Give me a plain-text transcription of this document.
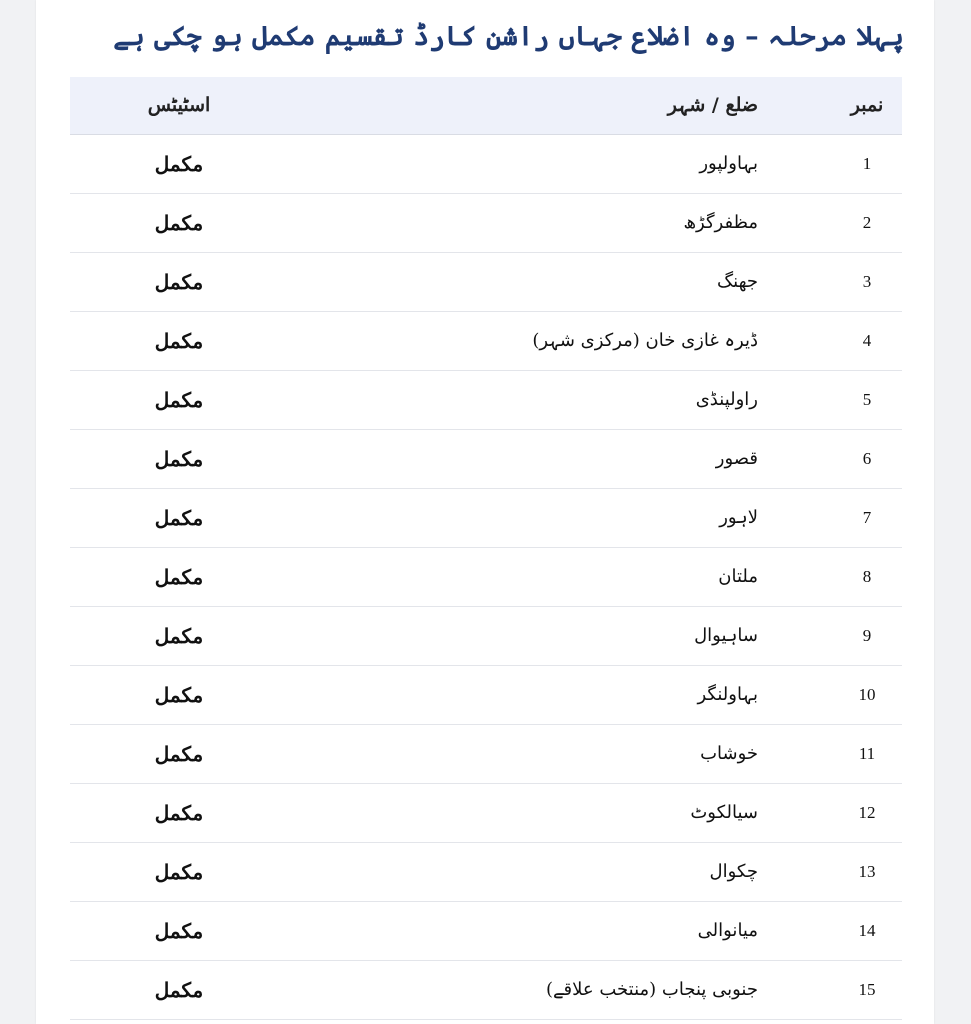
پہلا مرحلہ – وہ اضلاع جہاں راشن کارڈ تقسیم مکمل ہو چکی ہے
نمبر	ضلع / شہر	اسٹیٹس
1	بہاولپور	مکمل
2	مظفرگڑھ	مکمل
3	جھنگ	مکمل
4	ڈیرہ غازی خان (مرکزی شہر)	مکمل
5	راولپنڈی	مکمل
6	قصور	مکمل
7	لاہور	مکمل
8	ملتان	مکمل
9	ساہیوال	مکمل
10	بہاولنگر	مکمل
11	خوشاب	مکمل
12	سیالکوٹ	مکمل
13	چکوال	مکمل
14	میانوالی	مکمل
15	جنوبی پنجاب (منتخب علاقے)	مکمل
